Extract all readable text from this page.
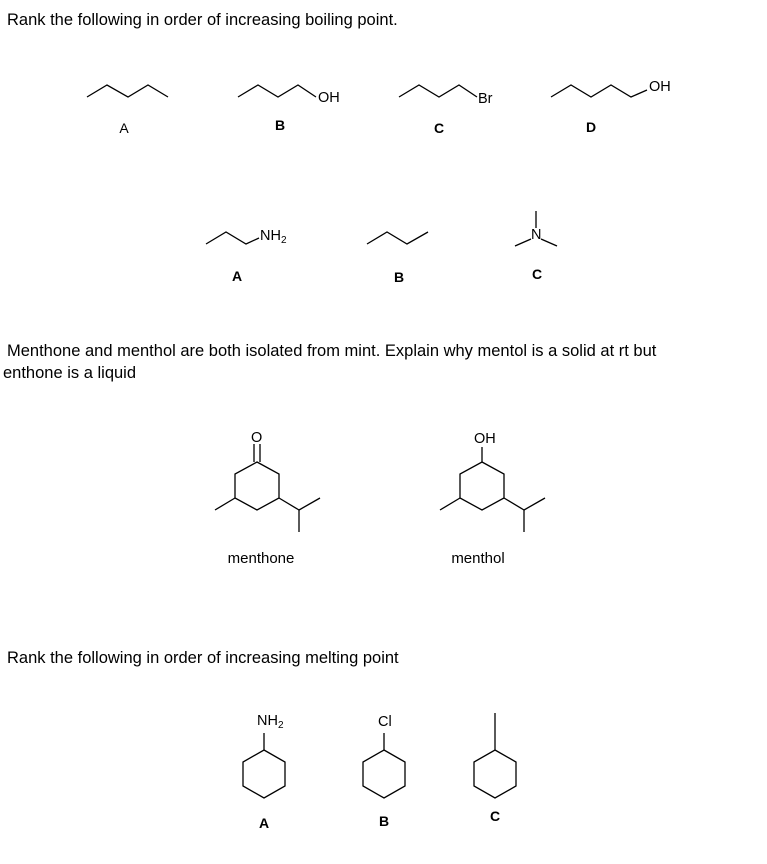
Rank the following in order of increasing boiling point.

Menthone and menthol are both isolated from mint. Explain why mentol is a solid at rt but

enthone is a liquid

Rank the following in order of increasing melting point

OH	Br
OH
A	B	C	D
$NH_2$	N
A	B	C
O	OH
menthone	menthol
$NH_2$	Cl
A	B	C
